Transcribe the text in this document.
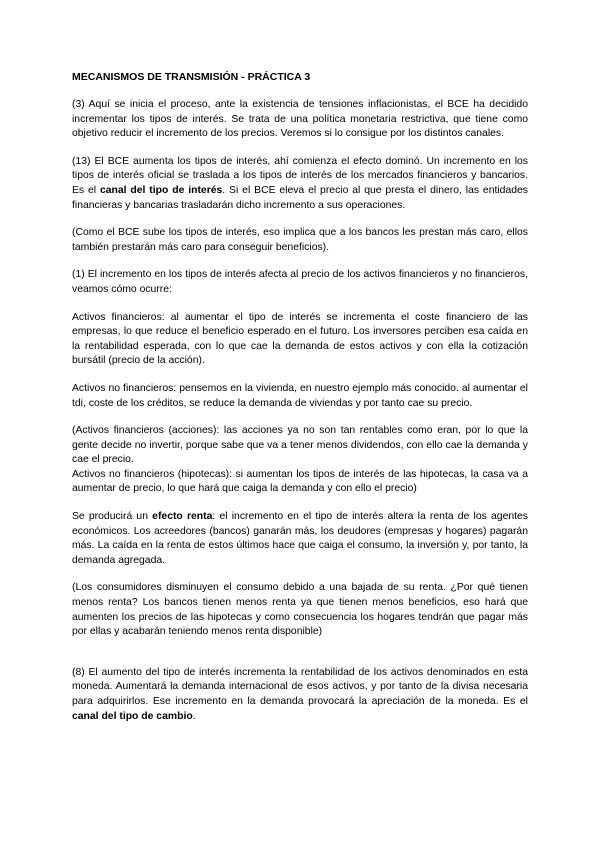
MECANISMOS DE TRANSMISIÓN - PRÁCTICA 3

(3) Aquí se inicia el proceso, ante la existencia de tensiones inflacionistas, el BCE ha decidido incrementar los tipos de interés. Se trata de una política monetaria restrictiva, que tiene como objetivo reducir el incremento de los precios. Veremos si lo consigue por los distintos canales.

(13) El BCE aumenta los tipos de interés, ahí comienza el efecto dominó. Un incremento en los tipos de interés oficial se traslada a los tipos de interés de los mercados financieros y bancarios. Es el canal del tipo de interés. Si el BCE eleva el precio al que presta el dinero, las entidades financieras y bancarias trasladarán dicho incremento a sus operaciones.

(Como el BCE sube los tipos de interés, eso implica que a los bancos les prestan más caro, ellos también prestarán más caro para conseguir beneficios).

(1) El incremento en los tipos de interés afecta al precio de los activos financieros y no financieros, veamos cómo ocurre:

Activos financieros: al aumentar el tipo de interés se incrementa el coste financiero de las empresas, lo que reduce el beneficio esperado en el futuro. Los inversores perciben esa caída en la rentabilidad esperada, con lo que cae la demanda de estos activos y con ella la cotización bursátil (precio de la acción).

Activos no financieros: pensemos en la vivienda, en nuestro ejemplo más conocido. al aumentar el tdi, coste de los créditos, se reduce la demanda de viviendas y por tanto cae su precio.

(Activos financieros (acciones): las acciones ya no son tan rentables como eran, por lo que la gente decide no invertir, porque sabe que va a tener menos dividendos, con ello cae la demanda y cae el precio.

Activos no financieros (hipotecas): si aumentan los tipos de interés de las hipotecas, la casa va a aumentar de precio, lo que hará que caiga la demanda y con ello el precio)

Se producirá un efecto renta: el incremento en el tipo de interés altera la renta de los agentes económicos. Los acreedores (bancos) ganarán más, los deudores (empresas y hogares) pagarán más. La caída en la renta de estos últimos hace que caiga el consumo, la inversión y, por tanto, la demanda agregada.

(Los consumidores disminuyen el consumo debido a una bajada de su renta. ¿Por qué tienen menos renta? Los bancos tienen menos renta ya que tienen menos beneficios, eso hará que aumenten los precios de las hipotecas y como consecuencia los hogares tendrán que pagar más por ellas y acabarán teniendo menos renta disponible)

(8) El aumento del tipo de interés incrementa la rentabilidad de los activos denominados en esta moneda. Aumentará la demanda internacional de esos activos, y por tanto de la divisa necesaria para adquirirlos. Ese incremento en la demanda provocará la apreciación de la moneda. Es el canal del tipo de cambio.
